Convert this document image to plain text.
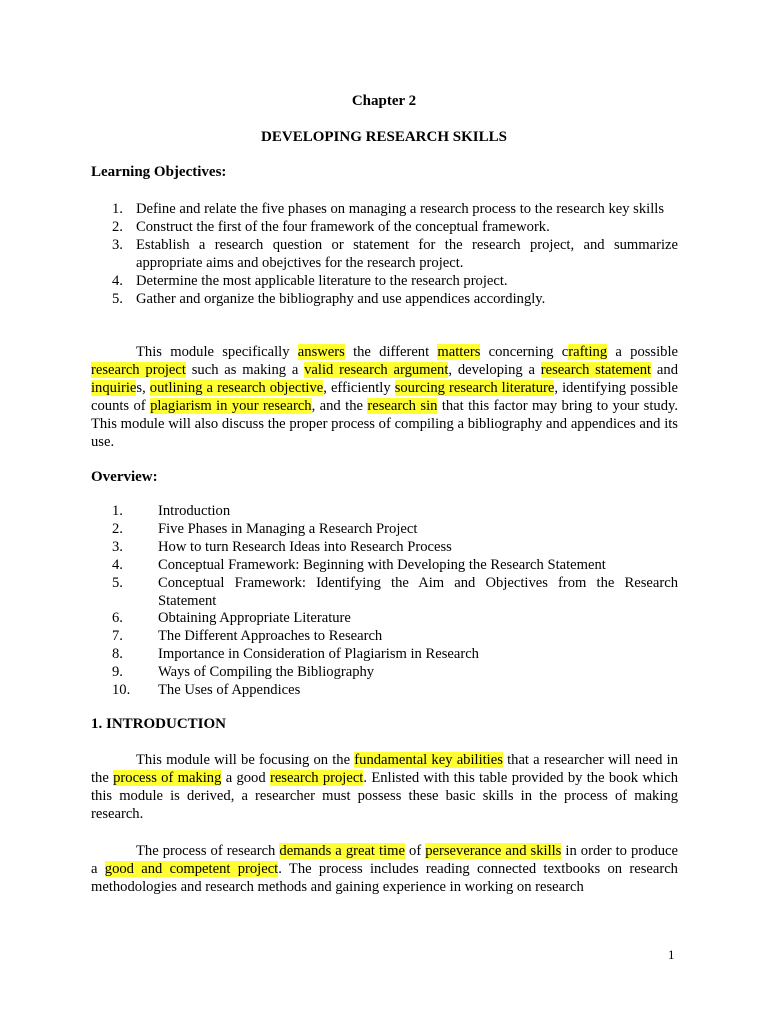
Chapter 2
DEVELOPING RESEARCH SKILLS
Learning Objectives:
1. Define and relate the five phases on managing a research process to the research key skills
2. Construct the first of the four framework of the conceptual framework.
3. Establish a research question or statement for the research project, and summarize appropriate aims and obejctives for the research project.
4. Determine the most applicable literature to the research project.
5. Gather and organize the bibliography and use appendices accordingly.

This module specifically answers the different matters concerning crafting a possible research project such as making a valid research argument, developing a research statement and inquiries, outlining a research objective, efficiently sourcing research literature, identifying possible counts of plagiarism in your research, and the research sin that this factor may bring to your study. This module will also discuss the proper process of compiling a bibliography and appendices and its use.

Overview:
1. Introduction
2. Five Phases in Managing a Research Project
3. How to turn Research Ideas into Research Process
4. Conceptual Framework: Beginning with Developing the Research Statement
5. Conceptual Framework: Identifying the Aim and Objectives from the Research Statement
6. Obtaining Appropriate Literature
7. The Different Approaches to Research
8. Importance in Consideration of Plagiarism in Research
9. Ways of Compiling the Bibliography
10. The Uses of Appendices
1. INTRODUCTION

This module will be focusing on the fundamental key abilities that a researcher will need in the process of making a good research project. Enlisted with this table provided by the book which this module is derived, a researcher must possess these basic skills in the process of making research.

The process of research demands a great time of perseverance and skills in order to produce a good and competent project. The process includes reading connected textbooks on research methodologies and research methods and gaining experience in working on research

1
